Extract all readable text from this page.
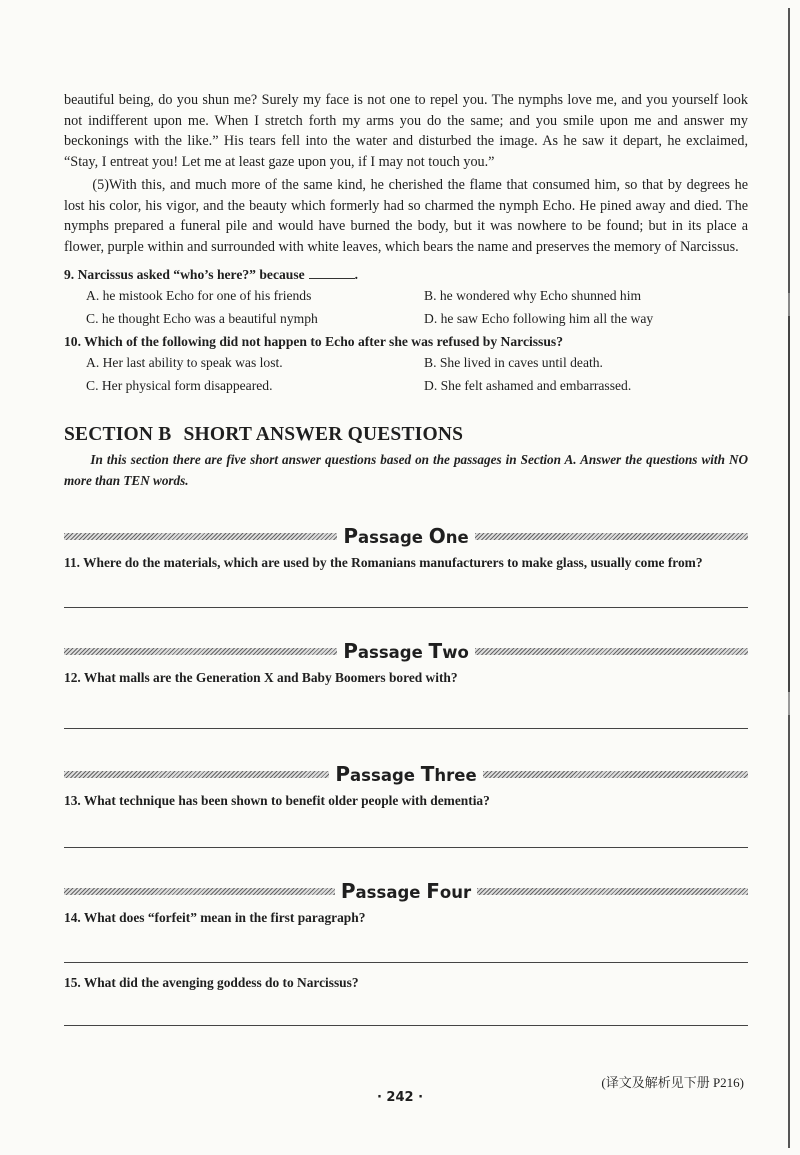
beautiful being, do you shun me? Surely my face is not one to repel you. The nymphs love me, and you yourself look not indifferent upon me. When I stretch forth my arms you do the same; and you smile upon me and answer my beckonings with the like.” His tears fell into the water and disturbed the image. As he saw it depart, he exclaimed, “Stay, I entreat you! Let me at least gaze upon you, if I may not touch you.”

(5)With this, and much more of the same kind, he cherished the flame that consumed him, so that by degrees he lost his color, his vigor, and the beauty which formerly had so charmed the nymph Echo. He pined away and died. The nymphs prepared a funeral pile and would have burned the body, but it was nowhere to be found; but in its place a flower, purple within and surrounded with white leaves, which bears the name and preserves the memory of Narcissus.

9. Narcissus asked “who’s here?” because	.
A. he mistook Echo for one of his friends	B. he wondered why Echo shunned him
C. he thought Echo was a beautiful nymph	D. he saw Echo following him all the way
10. Which of the following did not happen to Echo after she was refused by Narcissus?
A. Her last ability to speak was lost.	B. She lived in caves until death.
C. Her physical form disappeared.	D. She felt ashamed and embarrassed.
SECTION B SHORT ANSWER QUESTIONS
In this section there are five short answer questions based on the passages in Section A. Answer the questions with NO more than TEN words.
Passage One
11. Where do the materials, which are used by the Romanians manufacturers to make glass, usually come from?
Passage Two
12. What malls are the Generation X and Baby Boomers bored with?
Passage Three
13. What technique has been shown to benefit older people with dementia?
Passage Four
14. What does “forfeit” mean in the first paragraph?
15. What did the avenging goddess do to Narcissus?
(译文及解析见下册 P216)
· 242 ·
